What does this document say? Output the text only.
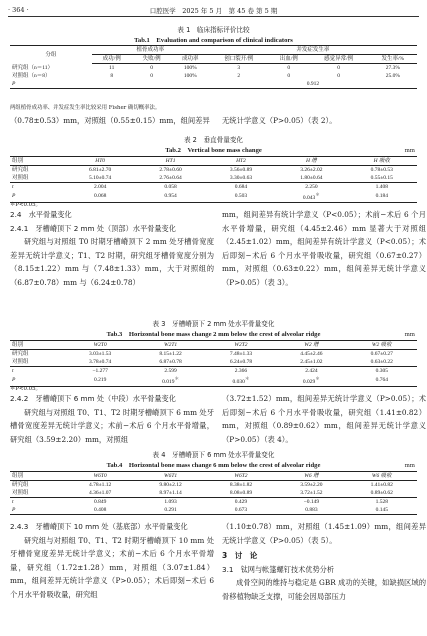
· 364 ·	口腔医学　2025 年 5 月　第 45 卷 第 5 期
表 1　临床指标评价比较
Tab.1　Evaluation and comparison of clinical indicators
分组	植骨成功率			并发症发生率			
	成功/例	失败/例	成功率	创口裂开/例	出血/例	感觉异常/例	发生率/%
研究组（n＝11）	11	0	100%	3	0	0	27.3%
对照组（n＝8）	8	0	100%	2	0	0	25.0%
P				0.912			
两组植骨成功率、并发症发生率比较采用 Fisher 确切概率法。

（0.78±0.53）mm，对照组（0.55±0.15）mm，组间差异	无统计学意义（P>0.05）（表 2）。

表 2　垂直骨量变化
Tab.2　Vertical bone mass change	mm
组别	HT0	HT1	HT2	H 增	H 吸收
研究组	6.81±2.70	2.78±0.60	3.56±0.89	3.26±2.02	0.78±0.53
对照组	5.10±0.74	2.76±0.64	3.30±0.63	1.80±0.64	0.55±0.15
t	2.004	0.058	0.684	2.250	1.408
P	0.068	0.954	0.503	0.043＊	0.184
＊P<0.05。

2.4　水平骨量变化

2.4.1　牙槽嵴顶下 2 mm 处（顶部）水平骨量变化

研究组与对照组 T0 时期牙槽嵴顶下 2 mm 处牙槽骨宽度差异无统计学意义；T1、T2 时期，研究组牙槽骨宽度分别为（8.15±1.22）mm 与（7.48±1.33）mm，大于对照组的（6.87±0.78）mm 与（6.24±0.78）

mm，组间差异有统计学意义（P<0.05）；术前−术后 6 个月水平骨增量，研究组（4.45±2.46）mm 显著大于对照组（2.45±1.02）mm，组间差异有统计学意义（P<0.05）；术后即刻−术后 6 个月水平骨吸收量，研究组（0.67±0.27）mm，对照组（0.63±0.22）mm，组间差异无统计学意义（P>0.05）（表 3）。

表 3　牙槽嵴顶下 2 mm 处水平骨量变化
Tab.3　Horizontal bone mass change 2 mm below the crest of alveolar ridge	mm
组别	W2T0	W2T1	W2T2	W2 增	W2 吸收
研究组	3.03±1.53	8.15±1.22	7.48±1.33	4.45±2.46	0.67±0.27
对照组	3.78±0.74	6.87±0.78	6.24±0.78	2.45±1.02	0.63±0.22
t	−1.277	2.599	2.366	2.424	0.305
P	0.219	0.019＊	0.030＊	0.029＊	0.764
＊P<0.05。

2.4.2　牙槽嵴顶下 6 mm 处（中段）水平骨量变化

研究组与对照组 T0、T1、T2 时期牙槽嵴顶下 6 mm 处牙槽骨宽度差异无统计学意义；术前−术后 6 个月水平骨增量，研究组（3.59±2.20）mm，对照组

（3.72±1.52）mm，组间差异无统计学意义（P>0.05）；术后即刻−术后 6 个月水平骨吸收量，研究组（1.41±0.82）mm，对照组（0.89±0.62）mm，组间差异无统计学意义（P>0.05）（表 4）。

表 4　牙槽嵴顶下 6 mm 处水平骨量变化
Tab.4　Horizontal bone mass change 6 mm below the crest of alveolar ridge	mm
组别	W6T0	W6T1	W6T2	W6 增	W6 吸收
研究组	4.78±1.12	9.80±2.12	8.38±1.82	3.59±2.20	1.41±0.82
对照组	4.36±1.07	8.97±1.14	8.08±0.89	3.72±1.52	0.89±0.62
t	0.849	1.093	0.429	−0.149	1.528
P	0.408	0.291	0.673	0.883	0.145

2.4.3　牙槽嵴顶下 10 mm 处（基底部）水平骨量变化

研究组与对照组 T0、T1、T2 时期牙槽嵴顶下 10 mm 处牙槽骨宽度差异无统计学意义；术前−术后 6 个月水平骨增量，研究组（1.72±1.28）mm，对照组（3.07±1.84）mm，组间差异无统计学意义（P>0.05）；术后即刻−术后 6 个月水平骨吸收量，研究组

（1.10±0.78）mm，对照组（1.45±1.09）mm，组间差异无统计学意义（P>0.05）（表 5）。

3　讨　论

3.1　钛网与帐篷螺钉技术优势分析

成骨空间的维持与稳定是 GBR 成功的关键，如缺损区域的骨移植物缺乏支撑，可能会因局部压力
